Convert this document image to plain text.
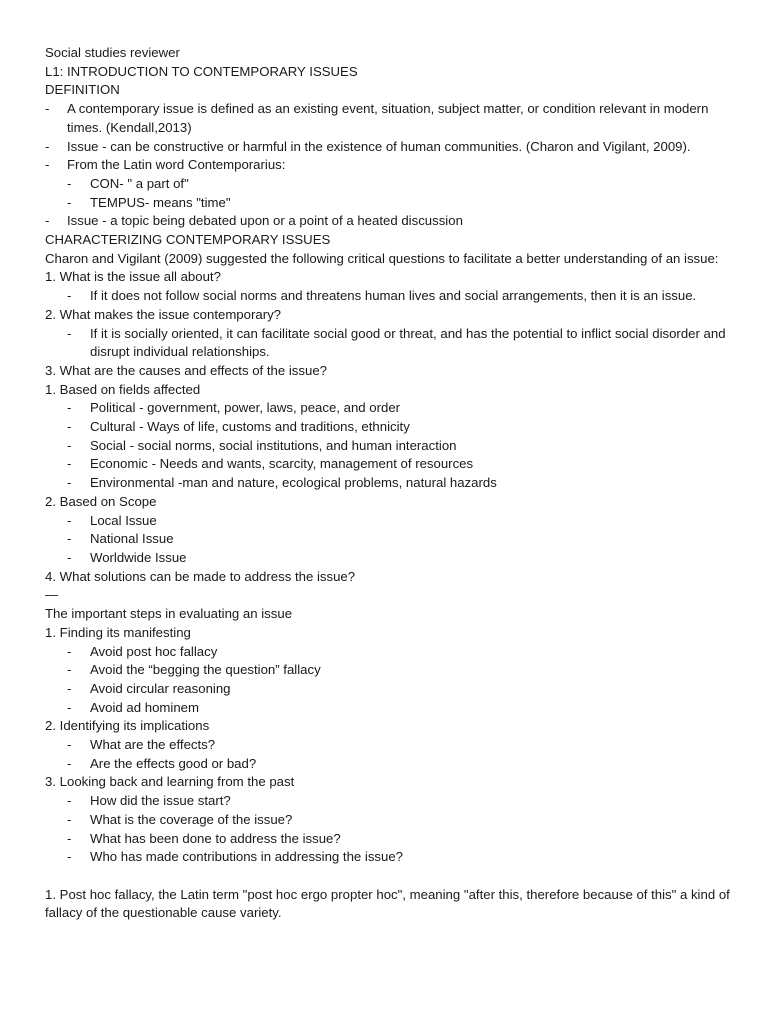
Social studies reviewer
L1: INTRODUCTION TO CONTEMPORARY ISSUES
DEFINITION
- A contemporary issue is defined as an existing event, situation, subject matter, or condition relevant in modern times. (Kendall,2013)
- Issue - can be constructive or harmful in the existence of human communities. (Charon and Vigilant, 2009).
- From the Latin word Contemporarius:
- CON- " a part of"
- TEMPUS- means "time"
- Issue - a topic being debated upon or a point of a heated discussion
CHARACTERIZING CONTEMPORARY ISSUES
Charon and Vigilant (2009) suggested the following critical questions to facilitate a better understanding of an issue:
1. What is the issue all about?
- If it does not follow social norms and threatens human lives and social arrangements, then it is an issue.
2. What makes the issue contemporary?
- If it is socially oriented, it can facilitate social good or threat, and has the potential to inflict social disorder and disrupt individual relationships.
3. What are the causes and effects of the issue?
1. Based on fields affected
- Political - government, power, laws, peace, and order
- Cultural - Ways of life, customs and traditions, ethnicity
- Social - social norms, social institutions, and human interaction
- Economic - Needs and wants, scarcity, management of resources
- Environmental -man and nature, ecological problems, natural hazards
2. Based on Scope
- Local Issue
- National Issue
- Worldwide Issue
4. What solutions can be made to address the issue?
—
The important steps in evaluating an issue
1. Finding its manifesting
- Avoid post hoc fallacy
- Avoid the “begging the question” fallacy
- Avoid circular reasoning
- Avoid ad hominem
2. Identifying its implications
- What are the effects?
- Are the effects good or bad?
3. Looking back and learning from the past
- How did the issue start?
- What is the coverage of the issue?
- What has been done to address the issue?
- Who has made contributions in addressing the issue?
1. Post hoc fallacy, the Latin term "post hoc ergo propter hoc", meaning "after this, therefore because of this" a kind of fallacy of the questionable cause variety.
